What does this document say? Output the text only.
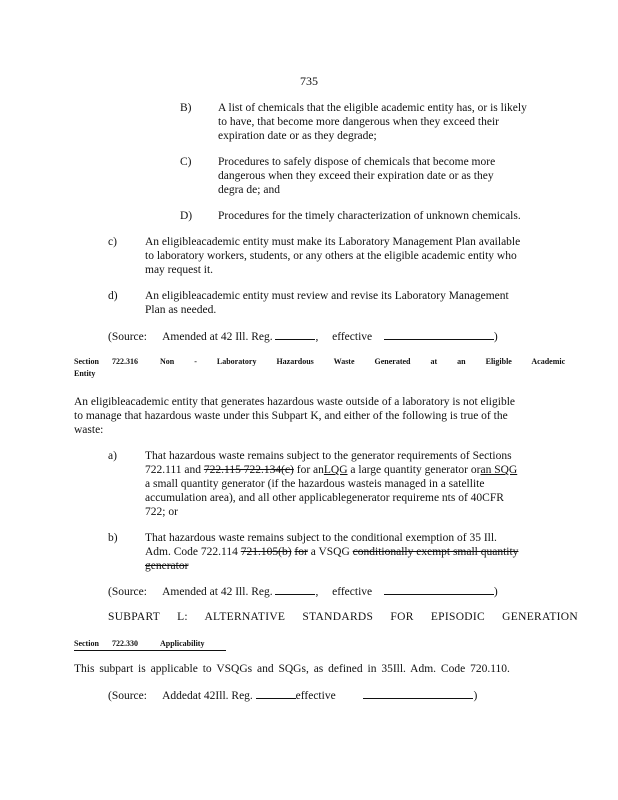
735
B)	A list of chemicals that the eligible academic entity has, or is likely
to have, that become more dangerous when they exceed their
expiration date or as they degrade;
C)	Procedures to safely dispose of chemicals that become more
dangerous when they exceed their expiration date or as they
degra de; and
D)	Procedures for the timely characterization of unknown chemicals.
c)	An eligibleacademic entity must make its Laboratory Management Plan available
to laboratory workers, students, or any others at the eligible academic entity who
may request it.
d)	An eligibleacademic entity must review and revise its Laboratory Management
Plan as needed.
(Source: Amended at 42 Ill. Reg.	, effective	)
Section 722.316	Non - Laboratory Hazardous Waste Generated at an Eligible Academic
Entity
An eligibleacademic entity that generates hazardous waste outside of a laboratory is not eligible
to manage that hazardous waste under this Subpart K, and either of the following is true of the
waste:
a)	That hazardous waste remains subject to the generator requirements of Sections
722.111 and 722.115 722.134(c) for anLQG a large quantity generator oran SQG
a small quantity generator (if the hazardous wasteis managed in a satellite
accumulation area), and all other applicablegenerator requireme nts of 40CFR
722; or
b)	That hazardous waste remains subject to the conditional exemption of 35 Ill.
Adm. Code 722.114 721.105(b) for a VSQG conditionally exempt small quantity
generator
(Source: Amended at 42 Ill. Reg.	, effective	)
SUBPART L: ALTERNATIVE STANDARDS FOR EPISODIC GENERATION
Section 722.330	Applicability
This subpart is applicable to VSQGs and SQGs, as defined in 35Ill. Adm. Code 720.110.
(Source: Addedat 42Ill. Reg.	effective	)
